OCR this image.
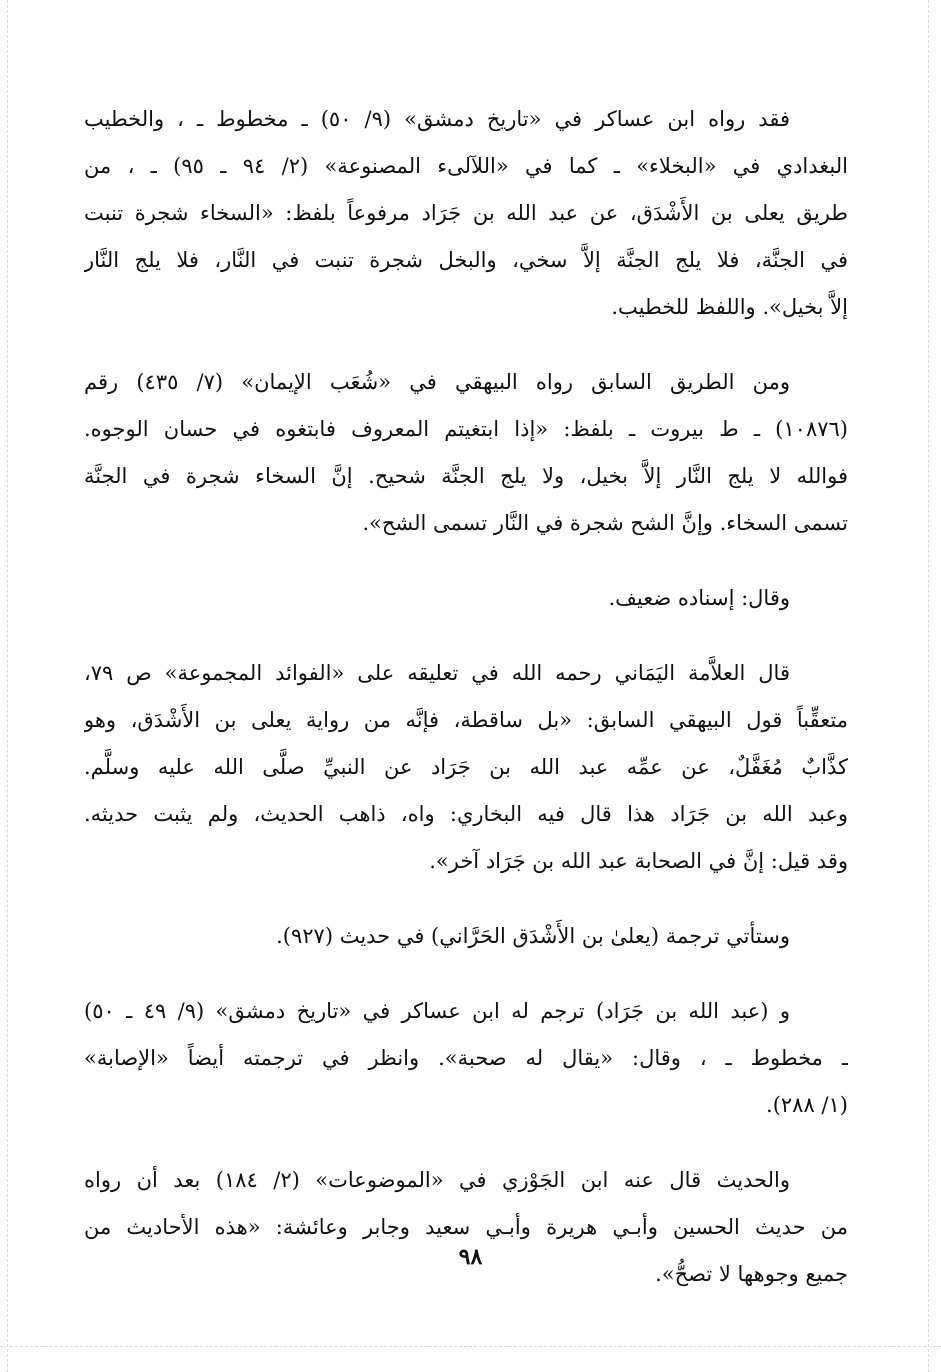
فقد رواه ابن عساكر في «تاريخ دمشق» (٩/ ٥٠) ـ مخطوط ـ ، والخطيب
البغدادي في «البخلاء» ـ كما في «اللآلىء المصنوعة» (٢/ ٩٤ ـ ٩٥) ـ ، من
طريق يعلى بن الأَشْدَق، عن عبد الله بن جَرَاد مرفوعاً بلفظ: «السخاء شجرة تنبت
في الجنَّة، فلا يلج الجنَّة إلاَّ سخي، والبخل شجرة تنبت في النَّار، فلا يلج النَّار
إلاَّ بخيل». واللفظ للخطيب.

ومن الطريق السابق رواه البيهقي في «شُعَب الإيمان» (٧/ ٤٣٥) رقم
(١٠٨٧٦) ـ ط بيروت ـ بلفظ: «إذا ابتغيتم المعروف فابتغوه في حسان الوجوه.
فوالله لا يلج النَّار إلاَّ بخيل، ولا يلج الجنَّة شحيح. إنَّ السخاء شجرة في الجنَّة
تسمى السخاء. وإنَّ الشح شجرة في النَّار تسمى الشح».

وقال: إسناده ضعيف.

قال العلاَّمة اليَمَاني رحمه الله في تعليقه على «الفوائد المجموعة» ص ٧٩،
متعقِّباً قول البيهقي السابق: «بل ساقطة، فإنَّه من رواية يعلى بن الأَشْدَق، وهو
كذَّابٌ مُغَفَّلٌ، عن عمِّه عبد الله بن جَرَاد عن النبيِّ صلَّى الله عليه وسلَّم.
وعبد الله بن جَرَاد هذا قال فيه البخاري: واه، ذاهب الحديث، ولم يثبت حديثه.
وقد قيل: إنَّ في الصحابة عبد الله بن جَرَاد آخر».

وستأتي ترجمة (يعلىٰ بن الأَشْدَق الحَرَّاني) في حديث (٩٢٧).

و (عبد الله بن جَرَاد) ترجم له ابن عساكر في «تاريخ دمشق» (٩/ ٤٩ ـ ٥٠)
ـ مخطوط ـ ، وقال: «يقال له صحبة». وانظر في ترجمته أيضاً «الإصابة»
(١/ ٢٨٨).

والحديث قال عنه ابن الجَوْزي في «الموضوعات» (٢/ ١٨٤) بعد أن رواه
من حديث الحسين وأبـي هريرة وأبـي سعيد وجابر وعائشة: «هذه الأحاديث من
جميع وجوهها لا تصحُّ».

٩٨
